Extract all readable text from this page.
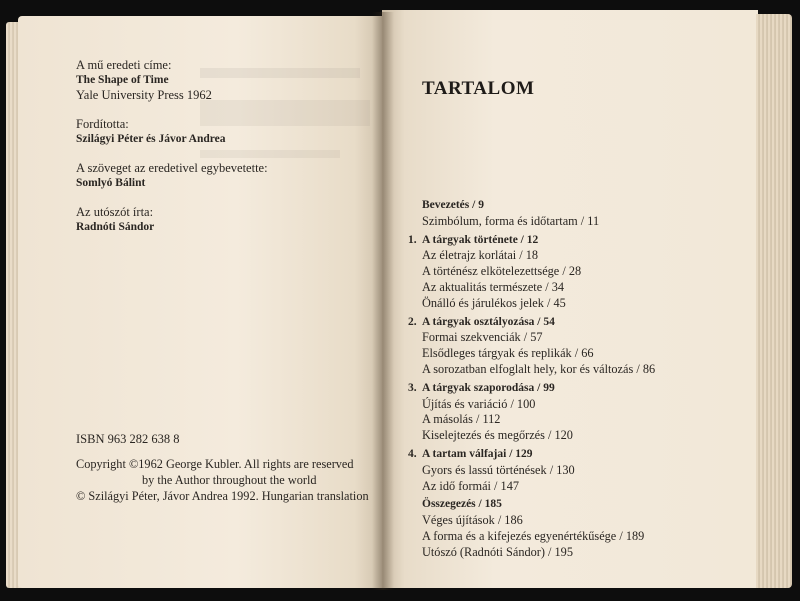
A mű eredeti címe:
The Shape of Time
Yale University Press 1962
Fordította:
Szilágyi Péter és Jávor Andrea
A szöveget az eredetivel egybevetette:
Somlyó Bálint
Az utószót írta:
Radnóti Sándor
ISBN 963 282 638 8
Copyright ©1962 George Kubler. All rights are reserved
by the Author throughout the world
© Szilágyi Péter, Jávor Andrea 1992. Hungarian translation
TARTALOM
Bevezetés / 9
Szimbólum, forma és időtartam / 11
1. A tárgyak története / 12
Az életrajz korlátai / 18
A történész elkötelezettsége / 28
Az aktualitás természete / 34
Önálló és járulékos jelek / 45
2. A tárgyak osztályozása / 54
Formai szekvenciák / 57
Elsődleges tárgyak és replikák / 66
A sorozatban elfoglalt hely, kor és változás / 86
3. A tárgyak szaporodása / 99
Újítás és variáció / 100
A másolás / 112
Kiselejtezés és megőrzés / 120
4. A tartam válfajai / 129
Gyors és lassú történések / 130
Az idő formái / 147
Összegezés / 185
Véges újítások / 186
A forma és a kifejezés egyenértékűsége / 189
Utószó (Radnóti Sándor) / 195
